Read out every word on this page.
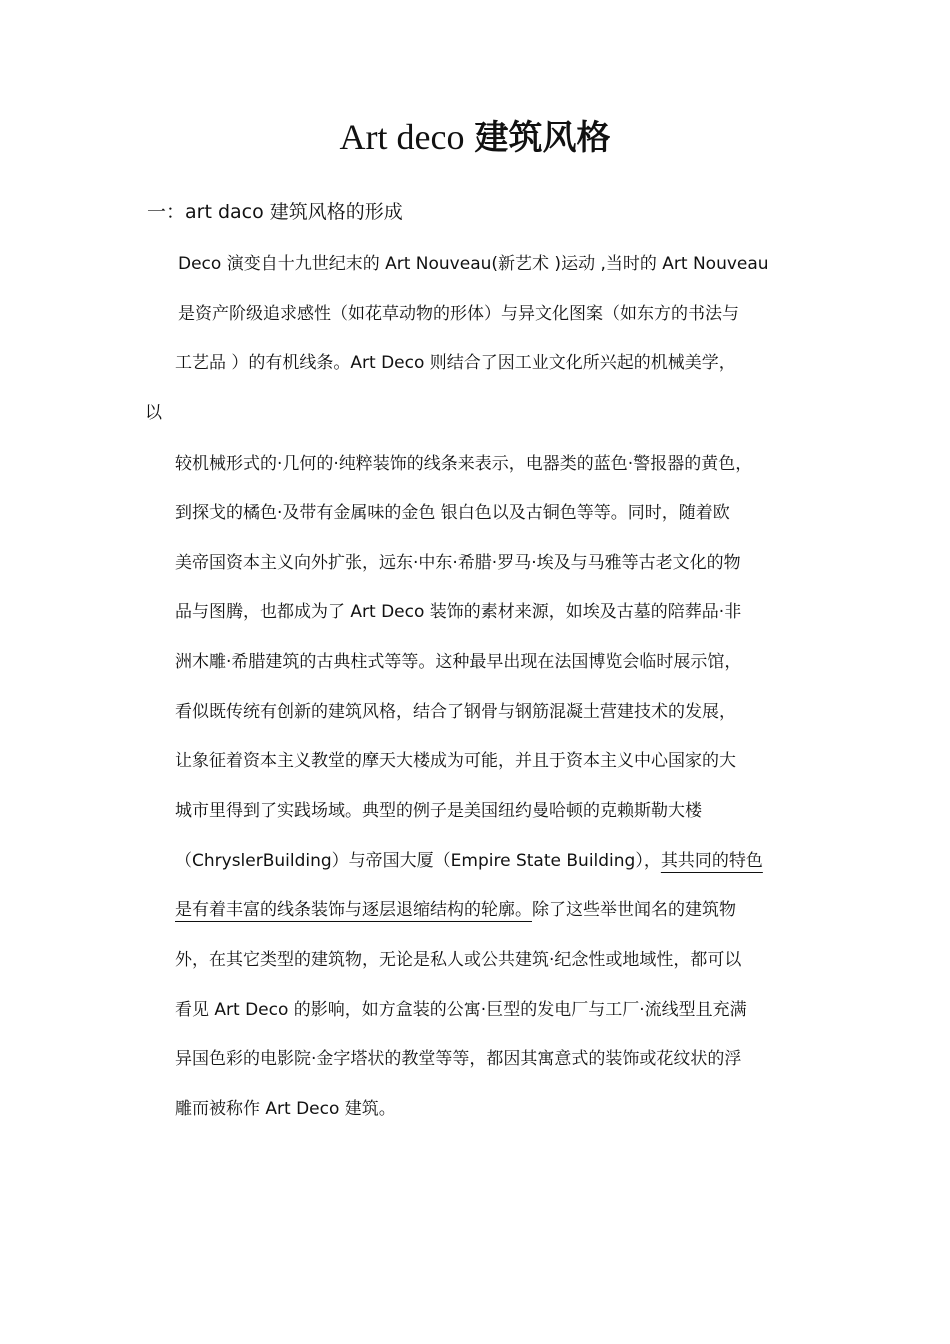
Art deco 建筑风格
一：art daco 建筑风格的形成
Deco 演变自十九世纪末的 Art Nouveau(新艺术 )运动 ,当时的 Art Nouveau
是资产阶级追求感性（如花草动物的形体）与异文化图案（如东方的书法与
工艺品 ）的有机线条。Art Deco 则结合了因工业文化所兴起的机械美学，
以
较机械形式的·几何的·纯粹装饰的线条来表示，电器类的蓝色·警报器的黄色，
到探戈的橘色·及带有金属味的金色 银白色以及古铜色等等。同时，随着欧
美帝国资本主义向外扩张，远东·中东·希腊·罗马·埃及与马雅等古老文化的物
品与图腾，也都成为了 Art Deco 装饰的素材来源，如埃及古墓的陪葬品·非
洲木雕·希腊建筑的古典柱式等等。这种最早出现在法国博览会临时展示馆，
看似既传统有创新的建筑风格，结合了钢骨与钢筋混凝土营建技术的发展，
让象征着资本主义教堂的摩天大楼成为可能，并且于资本主义中心国家的大
城市里得到了实践场域。典型的例子是美国纽约曼哈顿的克赖斯勒大楼
（ChryslerBuilding）与帝国大厦（Empire State Building），其共同的特色
是有着丰富的线条装饰与逐层退缩结构的轮廓。除了这些举世闻名的建筑物
外，在其它类型的建筑物，无论是私人或公共建筑·纪念性或地域性，都可以
看见 Art Deco 的影响，如方盒装的公寓·巨型的发电厂与工厂·流线型且充满
异国色彩的电影院·金字塔状的教堂等等，都因其寓意式的装饰或花纹状的浮
雕而被称作 Art Deco 建筑。
